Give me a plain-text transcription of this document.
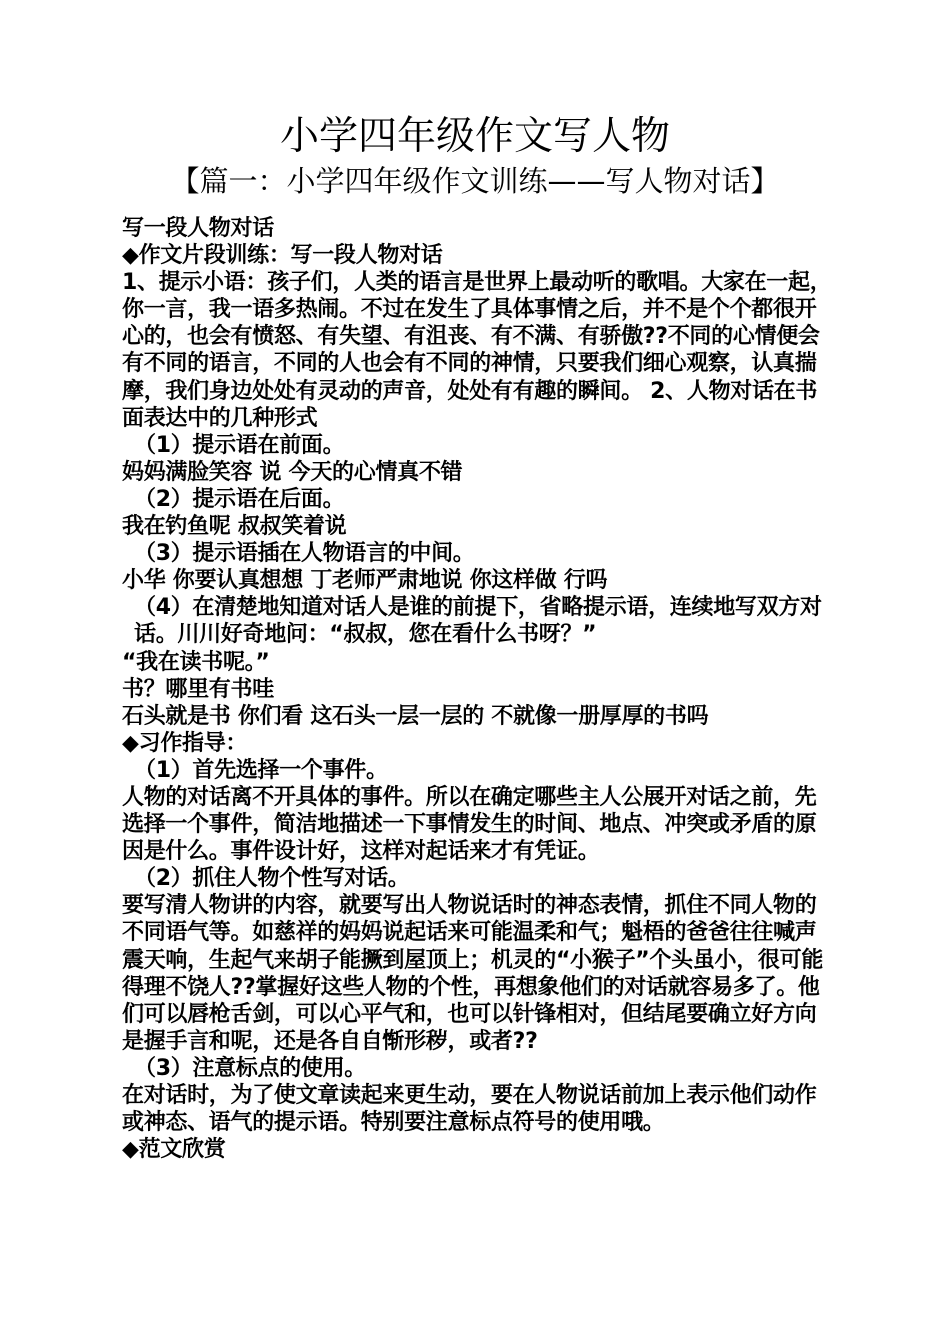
小学四年级作文写人物
【篇一：小学四年级作文训练——写人物对话】

写一段人物对话

◆作文片段训练：写一段人物对话

1、提示小语：孩子们，人类的语言是世界上最动听的歌唱。大家在一起，你一言，我一语多热闹。不过在发生了具体事情之后，并不是个个都很开心的，也会有愤怒、有失望、有沮丧、有不满、有骄傲??不同的心情便会有不同的语言，不同的人也会有不同的神情，只要我们细心观察，认真揣摩，我们身边处处有灵动的声音，处处有有趣的瞬间。 2、人物对话在书面表达中的几种形式

（1）提示语在前面。

妈妈满脸笑容 说 今天的心情真不错

（2）提示语在后面。

我在钓鱼呢 叔叔笑着说

（3）提示语插在人物语言的中间。

小华 你要认真想想 丁老师严肃地说 你这样做 行吗

（4）在清楚地知道对话人是谁的前提下，省略提示语，连续地写双方对话。川川好奇地问：“叔叔，您在看什么书呀？”

“我在读书呢。”

书？哪里有书哇

石头就是书 你们看 这石头一层一层的 不就像一册厚厚的书吗

◆习作指导：

（1）首先选择一个事件。

人物的对话离不开具体的事件。所以在确定哪些主人公展开对话之前，先选择一个事件，简洁地描述一下事情发生的时间、地点、冲突或矛盾的原因是什么。事件设计好，这样对起话来才有凭证。

（2）抓住人物个性写对话。

要写清人物讲的内容，就要写出人物说话时的神态表情，抓住不同人物的不同语气等。如慈祥的妈妈说起话来可能温柔和气；魁梧的爸爸往往喊声震天响，生起气来胡子能撅到屋顶上；机灵的“小猴子”个头虽小，很可能得理不饶人??掌握好这些人物的个性，再想象他们的对话就容易多了。他们可以唇枪舌剑，可以心平气和，也可以针锋相对，但结尾要确立好方向是握手言和呢，还是各自自惭形秽，或者??

（3）注意标点的使用。

在对话时，为了使文章读起来更生动，要在人物说话前加上表示他们动作或神态、语气的提示语。特别要注意标点符号的使用哦。

◆范文欣赏
